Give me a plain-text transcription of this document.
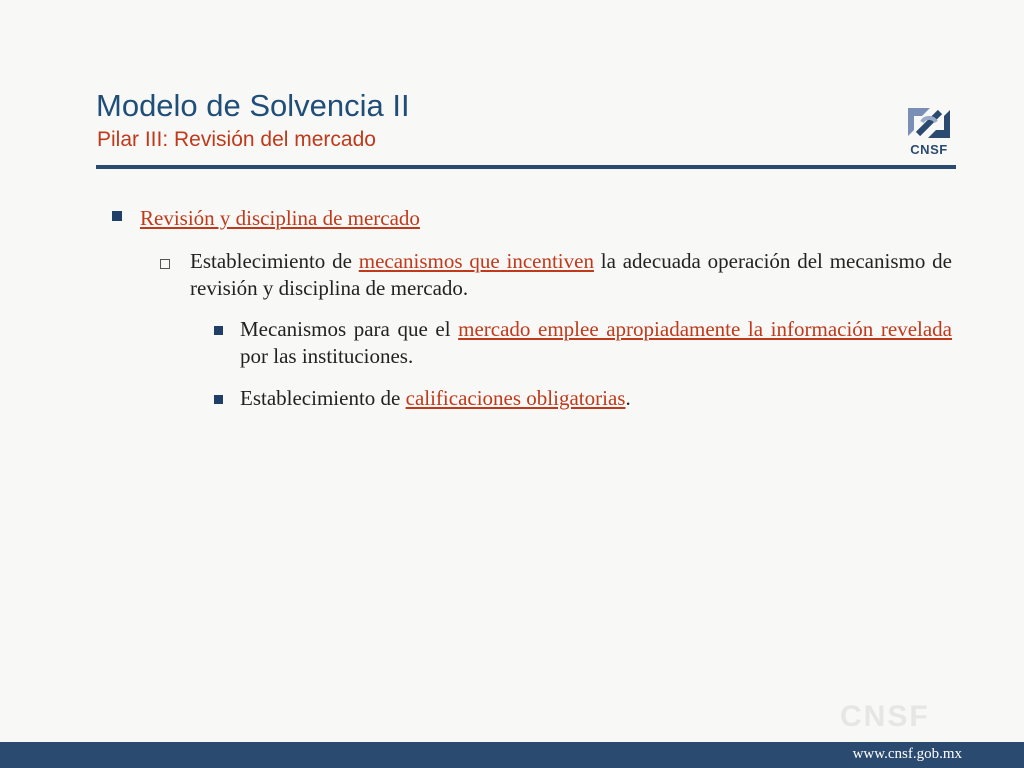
Modelo de Solvencia II
Pilar III: Revisión del mercado	CNSF
Revisión y disciplina de mercado
Establecimiento de mecanismos que incentiven la adecuada operación del mecanismo de revisión y disciplina de mercado.
Mecanismos para que el mercado emplee apropiadamente la información revelada por las instituciones.
Establecimiento de calificaciones obligatorias.
CNSF
www.cnsf.gob.mx
